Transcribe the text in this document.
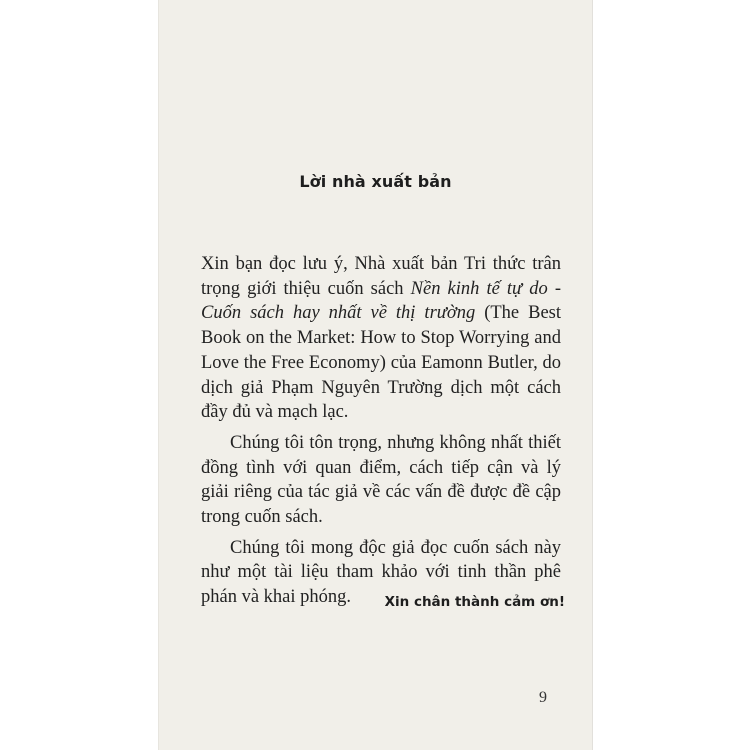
Lời nhà xuất bản

Xin bạn đọc lưu ý, Nhà xuất bản Tri thức trân trọng giới thiệu cuốn sách Nền kinh tế tự do - Cuốn sách hay nhất về thị trường (The Best Book on the Market: How to Stop Worrying and Love the Free Economy) của Eamonn Butler, do dịch giả Phạm Nguyên Trường dịch một cách đầy đủ và mạch lạc.

Chúng tôi tôn trọng, nhưng không nhất thiết đồng tình với quan điểm, cách tiếp cận và lý giải riêng của tác giả về các vấn đề được đề cập trong cuốn sách.

Chúng tôi mong độc giả đọc cuốn sách này như một tài liệu tham khảo với tinh thần phê phán và khai phóng.	Xin chân thành cảm ơn!
9
